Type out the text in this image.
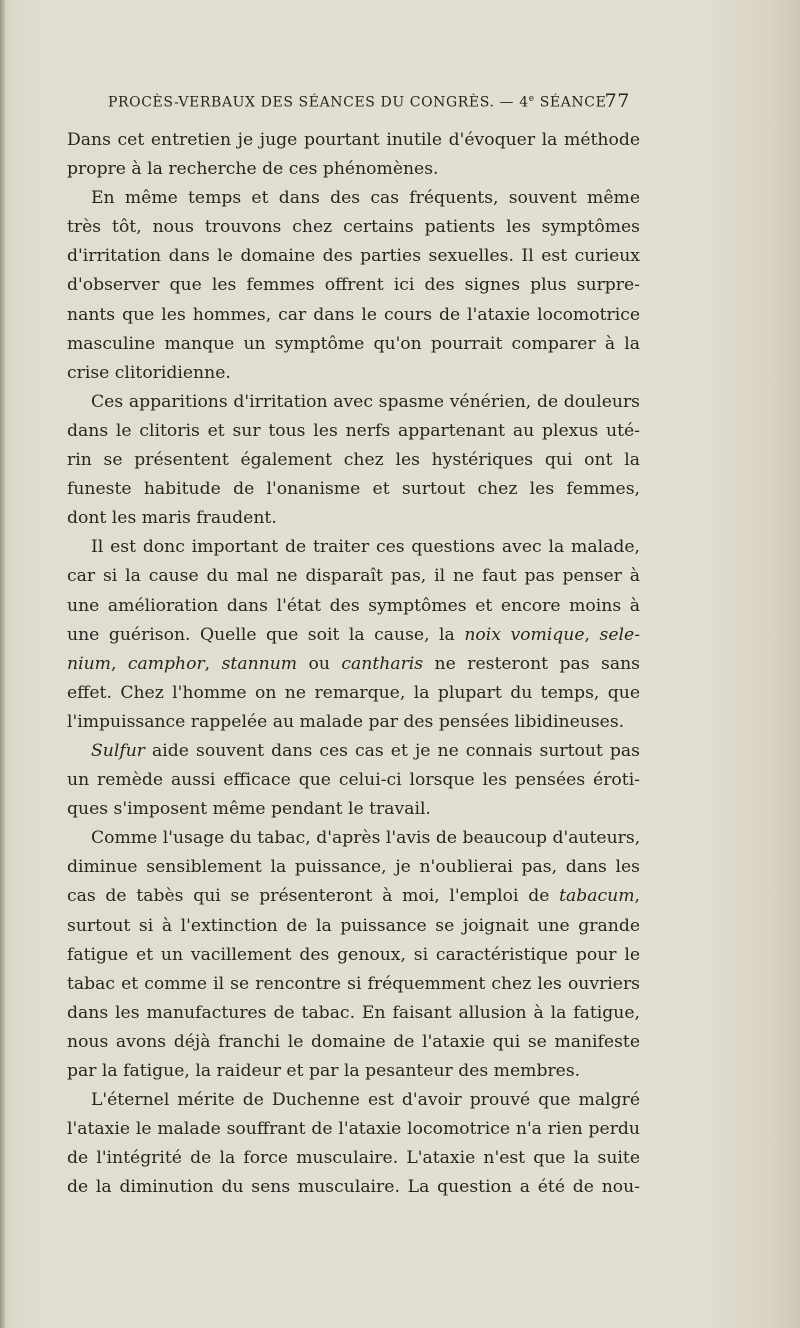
PROCÈS-VERBAUX DES SÉANCES DU CONGRÈS. — 4e SÉANCE
77
Dans cet entretien je juge pourtant inutile d'évoquer la méthode
propre à la recherche de ces phénomènes.
En même temps et dans des cas fréquents, souvent même
très tôt, nous trouvons chez certains patients les symptômes
d'irritation dans le domaine des parties sexuelles. Il est curieux
d'observer que les femmes offrent ici des signes plus surpre-
nants que les hommes, car dans le cours de l'ataxie locomotrice
masculine manque un symptôme qu'on pourrait comparer à la
crise clitoridienne.
Ces apparitions d'irritation avec spasme vénérien, de douleurs
dans le clitoris et sur tous les nerfs appartenant au plexus uté-
rin se présentent également chez les hystériques qui ont la
funeste habitude de l'onanisme et surtout chez les femmes,
dont les maris fraudent.
Il est donc important de traiter ces questions avec la malade,
car si la cause du mal ne disparaît pas, il ne faut pas penser à
une amélioration dans l'état des symptômes et encore moins à
une guérison. Quelle que soit la cause, la noix vomique, sele-
nium, camphor, stannum ou cantharis ne resteront pas sans
effet. Chez l'homme on ne remarque, la plupart du temps, que
l'impuissance rappelée au malade par des pensées libidineuses.
Sulfur aide souvent dans ces cas et je ne connais surtout pas
un remède aussi efficace que celui-ci lorsque les pensées éroti-
ques s'imposent même pendant le travail.
Comme l'usage du tabac, d'après l'avis de beaucoup d'auteurs,
diminue sensiblement la puissance, je n'oublierai pas, dans les
cas de tabès qui se présenteront à moi, l'emploi de tabacum,
surtout si à l'extinction de la puissance se joignait une grande
fatigue et un vacillement des genoux, si caractéristique pour le
tabac et comme il se rencontre si fréquemment chez les ouvriers
dans les manufactures de tabac. En faisant allusion à la fatigue,
nous avons déjà franchi le domaine de l'ataxie qui se manifeste
par la fatigue, la raideur et par la pesanteur des membres.
L'éternel mérite de Duchenne est d'avoir prouvé que malgré
l'ataxie le malade souffrant de l'ataxie locomotrice n'a rien perdu
de l'intégrité de la force musculaire. L'ataxie n'est que la suite
de la diminution du sens musculaire. La question a été de nou-
